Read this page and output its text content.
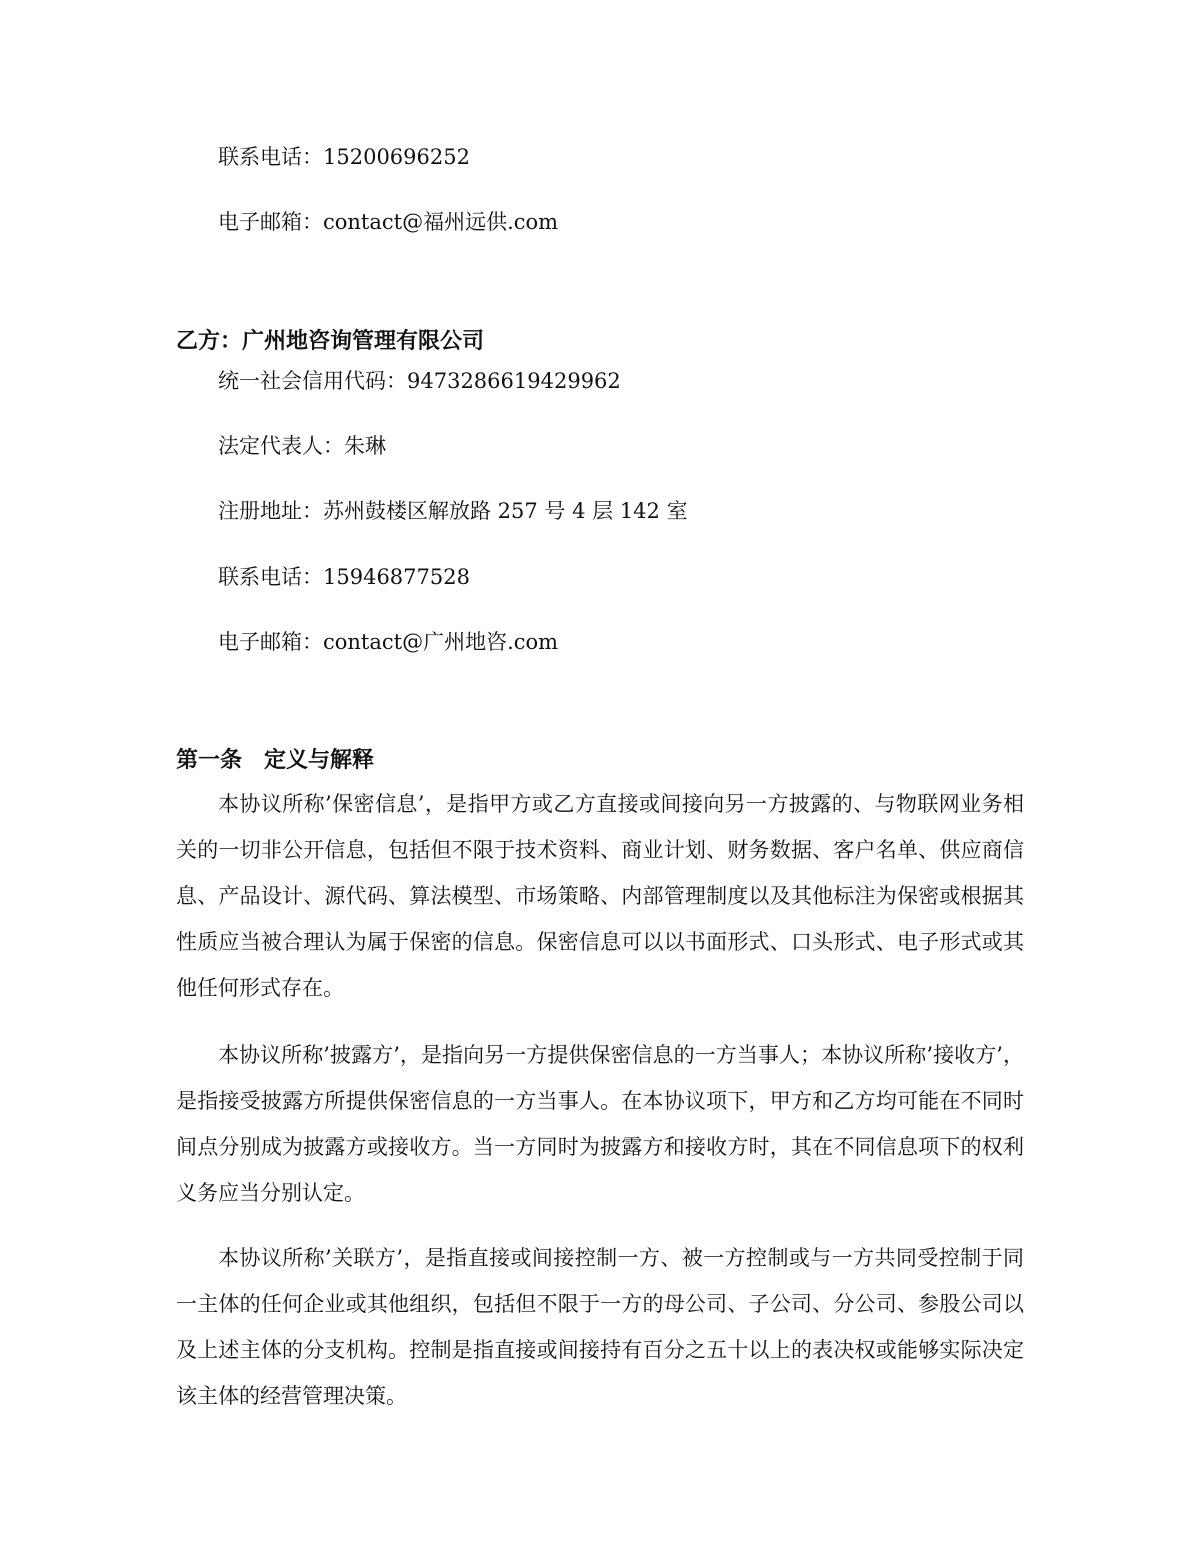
联系电话：15200696252
电子邮箱：contact@福州远供.com
乙方：广州地咨询管理有限公司
统一社会信用代码：9473286619429962
法定代表人：朱琳
注册地址：苏州鼓楼区解放路 257 号 4 层 142 室
联系电话：15946877528
电子邮箱：contact@广州地咨.com
第一条　定义与解释
本协议所称’保密信息’，是指甲方或乙方直接或间接向另一方披露的、与物联网业务相关的一切非公开信息，包括但不限于技术资料、商业计划、财务数据、客户名单、供应商信息、产品设计、源代码、算法模型、市场策略、内部管理制度以及其他标注为保密或根据其性质应当被合理认为属于保密的信息。保密信息可以以书面形式、口头形式、电子形式或其他任何形式存在。
本协议所称’披露方’，是指向另一方提供保密信息的一方当事人；本协议所称’接收方’，是指接受披露方所提供保密信息的一方当事人。在本协议项下，甲方和乙方均可能在不同时间点分别成为披露方或接收方。当一方同时为披露方和接收方时，其在不同信息项下的权利义务应当分别认定。
本协议所称’关联方’，是指直接或间接控制一方、被一方控制或与一方共同受控制于同一主体的任何企业或其他组织，包括但不限于一方的母公司、子公司、分公司、参股公司以及上述主体的分支机构。控制是指直接或间接持有百分之五十以上的表决权或能够实际决定该主体的经营管理决策。
